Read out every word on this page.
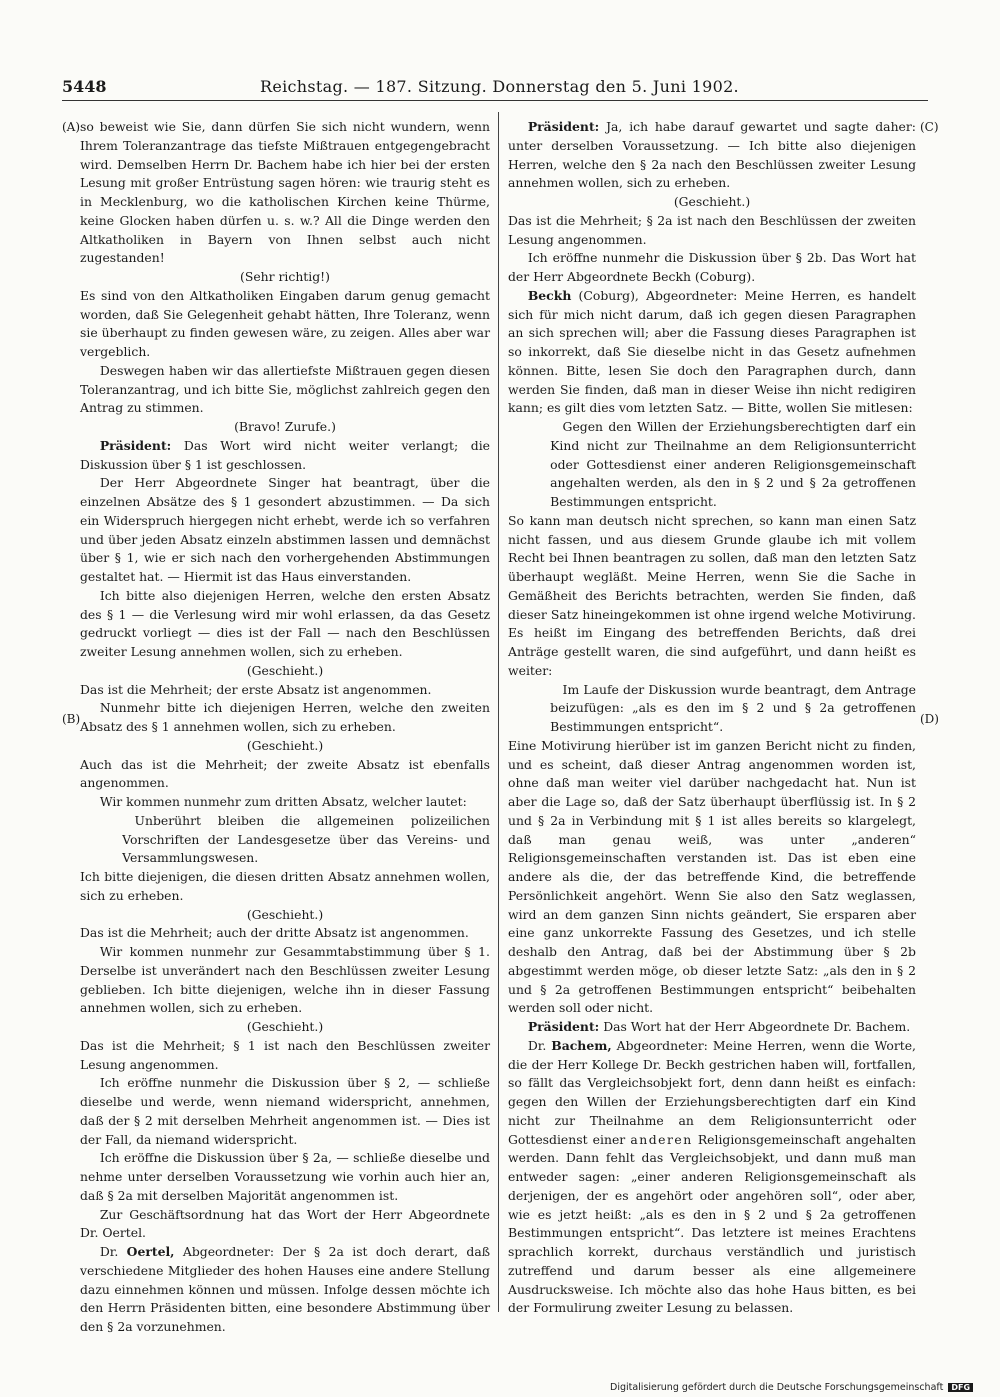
5448	Reichstag. — 187. Sitzung. Donnerstag den 5. Juni 1902.
(A)
(B)
(C)
(D)

so beweist wie Sie, dann dürfen Sie sich nicht wundern, wenn Ihrem Toleranzantrage das tiefste Mißtrauen entgegengebracht wird. Demselben Herrn Dr. Bachem habe ich hier bei der ersten Lesung mit großer Entrüstung sagen hören: wie traurig steht es in Mecklenburg, wo die katholischen Kirchen keine Thürme, keine Glocken haben dürfen u. s. w.? All die Dinge werden den Altkatholiken in Bayern von Ihnen selbst auch nicht zugestanden!

(Sehr richtig!)

Es sind von den Altkatholiken Eingaben darum genug gemacht worden, daß Sie Gelegenheit gehabt hätten, Ihre Toleranz, wenn sie überhaupt zu finden gewesen wäre, zu zeigen. Alles aber war vergeblich.

Deswegen haben wir das allertiefste Mißtrauen gegen diesen Toleranzantrag, und ich bitte Sie, möglichst zahlreich gegen den Antrag zu stimmen.

(Bravo! Zurufe.)

Präsident: Das Wort wird nicht weiter verlangt; die Diskussion über § 1 ist geschlossen.

Der Herr Abgeordnete Singer hat beantragt, über die einzelnen Absätze des § 1 gesondert abzustimmen. — Da sich ein Widerspruch hiergegen nicht erhebt, werde ich so verfahren und über jeden Absatz einzeln abstimmen lassen und demnächst über § 1, wie er sich nach den vorhergehenden Abstimmungen gestaltet hat. — Hiermit ist das Haus einverstanden.

Ich bitte also diejenigen Herren, welche den ersten Absatz des § 1 — die Verlesung wird mir wohl erlassen, da das Gesetz gedruckt vorliegt — dies ist der Fall — nach den Beschlüssen zweiter Lesung annehmen wollen, sich zu erheben.

(Geschieht.)

Das ist die Mehrheit; der erste Absatz ist angenommen.

Nunmehr bitte ich diejenigen Herren, welche den zweiten Absatz des § 1 annehmen wollen, sich zu erheben.

(Geschieht.)

Auch das ist die Mehrheit; der zweite Absatz ist ebenfalls angenommen.

Wir kommen nunmehr zum dritten Absatz, welcher lautet:

Unberührt bleiben die allgemeinen polizeilichen Vorschriften der Landesgesetze über das Vereins- und Versammlungswesen.

Ich bitte diejenigen, die diesen dritten Absatz annehmen wollen, sich zu erheben.

(Geschieht.)

Das ist die Mehrheit; auch der dritte Absatz ist angenommen.

Wir kommen nunmehr zur Gesammtabstimmung über § 1. Derselbe ist unverändert nach den Beschlüssen zweiter Lesung geblieben. Ich bitte diejenigen, welche ihn in dieser Fassung annehmen wollen, sich zu erheben.

(Geschieht.)

Das ist die Mehrheit; § 1 ist nach den Beschlüssen zweiter Lesung angenommen.

Ich eröffne nunmehr die Diskussion über § 2, — schließe dieselbe und werde, wenn niemand widerspricht, annehmen, daß der § 2 mit derselben Mehrheit angenommen ist. — Dies ist der Fall, da niemand widerspricht.

Ich eröffne die Diskussion über § 2a, — schließe dieselbe und nehme unter derselben Voraussetzung wie vorhin auch hier an, daß § 2a mit derselben Majorität angenommen ist.

Zur Geschäftsordnung hat das Wort der Herr Abgeordnete Dr. Oertel.

Dr. Oertel, Abgeordneter: Der § 2a ist doch derart, daß verschiedene Mitglieder des hohen Hauses eine andere Stellung dazu einnehmen können und müssen. Infolge dessen möchte ich den Herrn Präsidenten bitten, eine besondere Abstimmung über den § 2a vorzunehmen.

Präsident: Ja, ich habe darauf gewartet und sagte daher: unter derselben Voraussetzung. — Ich bitte also diejenigen Herren, welche den § 2a nach den Beschlüssen zweiter Lesung annehmen wollen, sich zu erheben.

(Geschieht.)

Das ist die Mehrheit; § 2a ist nach den Beschlüssen der zweiten Lesung angenommen.

Ich eröffne nunmehr die Diskussion über § 2b. Das Wort hat der Herr Abgeordnete Beckh (Coburg).

Beckh (Coburg), Abgeordneter: Meine Herren, es handelt sich für mich nicht darum, daß ich gegen diesen Paragraphen an sich sprechen will; aber die Fassung dieses Paragraphen ist so inkorrekt, daß Sie dieselbe nicht in das Gesetz aufnehmen können. Bitte, lesen Sie doch den Paragraphen durch, dann werden Sie finden, daß man in dieser Weise ihn nicht redigiren kann; es gilt dies vom letzten Satz. — Bitte, wollen Sie mitlesen:

Gegen den Willen der Erziehungsberechtigten darf ein Kind nicht zur Theilnahme an dem Religionsunterricht oder Gottesdienst einer anderen Religionsgemeinschaft angehalten werden, als den in § 2 und § 2a getroffenen Bestimmungen entspricht.

So kann man deutsch nicht sprechen, so kann man einen Satz nicht fassen, und aus diesem Grunde glaube ich mit vollem Recht bei Ihnen beantragen zu sollen, daß man den letzten Satz überhaupt wegläßt. Meine Herren, wenn Sie die Sache in Gemäßheit des Berichts betrachten, werden Sie finden, daß dieser Satz hineingekommen ist ohne irgend welche Motivirung. Es heißt im Eingang des betreffenden Berichts, daß drei Anträge gestellt waren, die sind aufgeführt, und dann heißt es weiter:

Im Laufe der Diskussion wurde beantragt, dem Antrage beizufügen: „als es den im § 2 und § 2a getroffenen Bestimmungen entspricht“.

Eine Motivirung hierüber ist im ganzen Bericht nicht zu finden, und es scheint, daß dieser Antrag angenommen worden ist, ohne daß man weiter viel darüber nachgedacht hat. Nun ist aber die Lage so, daß der Satz überhaupt überflüssig ist. In § 2 und § 2a in Verbindung mit § 1 ist alles bereits so klargelegt, daß man genau weiß, was unter „anderen“ Religionsgemeinschaften verstanden ist. Das ist eben eine andere als die, der das betreffende Kind, die betreffende Persönlichkeit angehört. Wenn Sie also den Satz weglassen, wird an dem ganzen Sinn nichts geändert, Sie ersparen aber eine ganz unkorrekte Fassung des Gesetzes, und ich stelle deshalb den Antrag, daß bei der Abstimmung über § 2b abgestimmt werden möge, ob dieser letzte Satz: „als den in § 2 und § 2a getroffenen Bestimmungen entspricht“ beibehalten werden soll oder nicht.

Präsident: Das Wort hat der Herr Abgeordnete Dr. Bachem.

Dr. Bachem, Abgeordneter: Meine Herren, wenn die Worte, die der Herr Kollege Dr. Beckh gestrichen haben will, fortfallen, so fällt das Vergleichsobjekt fort, denn dann heißt es einfach: gegen den Willen der Erziehungsberechtigten darf ein Kind nicht zur Theilnahme an dem Religionsunterricht oder Gottesdienst einer anderen Religionsgemeinschaft angehalten werden. Dann fehlt das Vergleichsobjekt, und dann muß man entweder sagen: „einer anderen Religionsgemeinschaft als derjenigen, der es angehört oder angehören soll“, oder aber, wie es jetzt heißt: „als es den in § 2 und § 2a getroffenen Bestimmungen entspricht“. Das letztere ist meines Erachtens sprachlich korrekt, durchaus verständlich und juristisch zutreffend und darum besser als eine allgemeinere Ausdrucksweise. Ich möchte also das hohe Haus bitten, es bei der Formulirung zweiter Lesung zu belassen.

Digitalisierung gefördert durch die Deutsche Forschungsgemeinschaft DFG
